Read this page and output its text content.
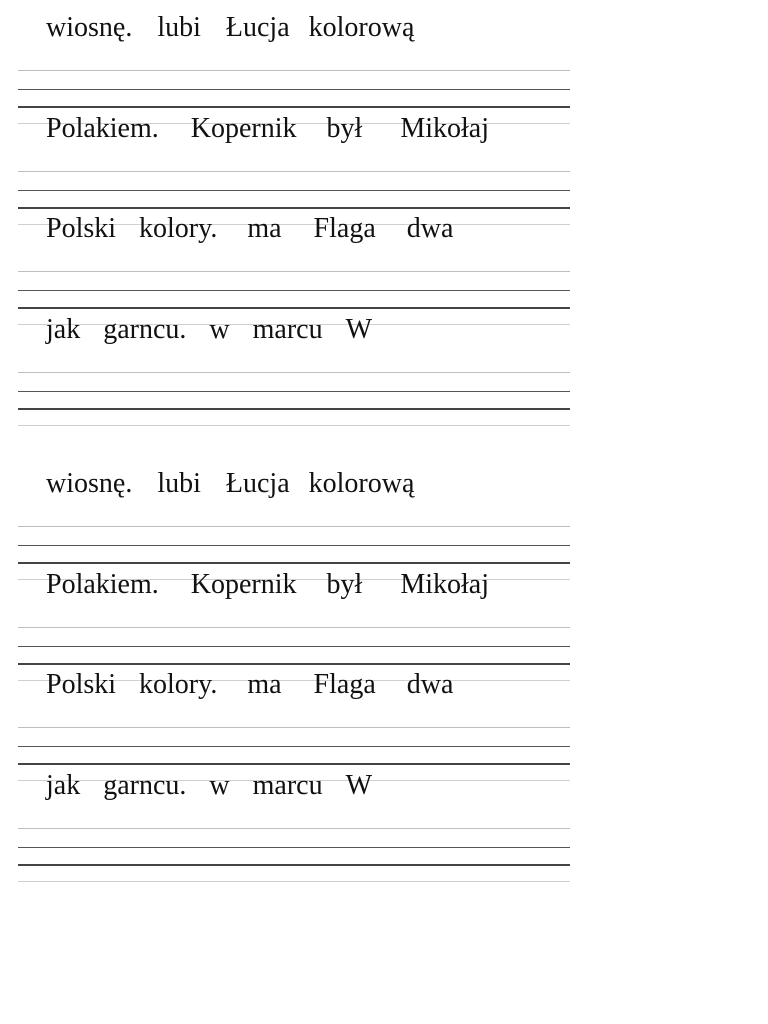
wiosnę. lubi Łucja kolorową
Polakiem. Kopernik był Mikołaj
Polski kolory. ma Flaga dwa
jak garncu. w marcu W
wiosnę. lubi Łucja kolorową
Polakiem. Kopernik był Mikołaj
Polski kolory. ma Flaga dwa
jak garncu. w marcu W
